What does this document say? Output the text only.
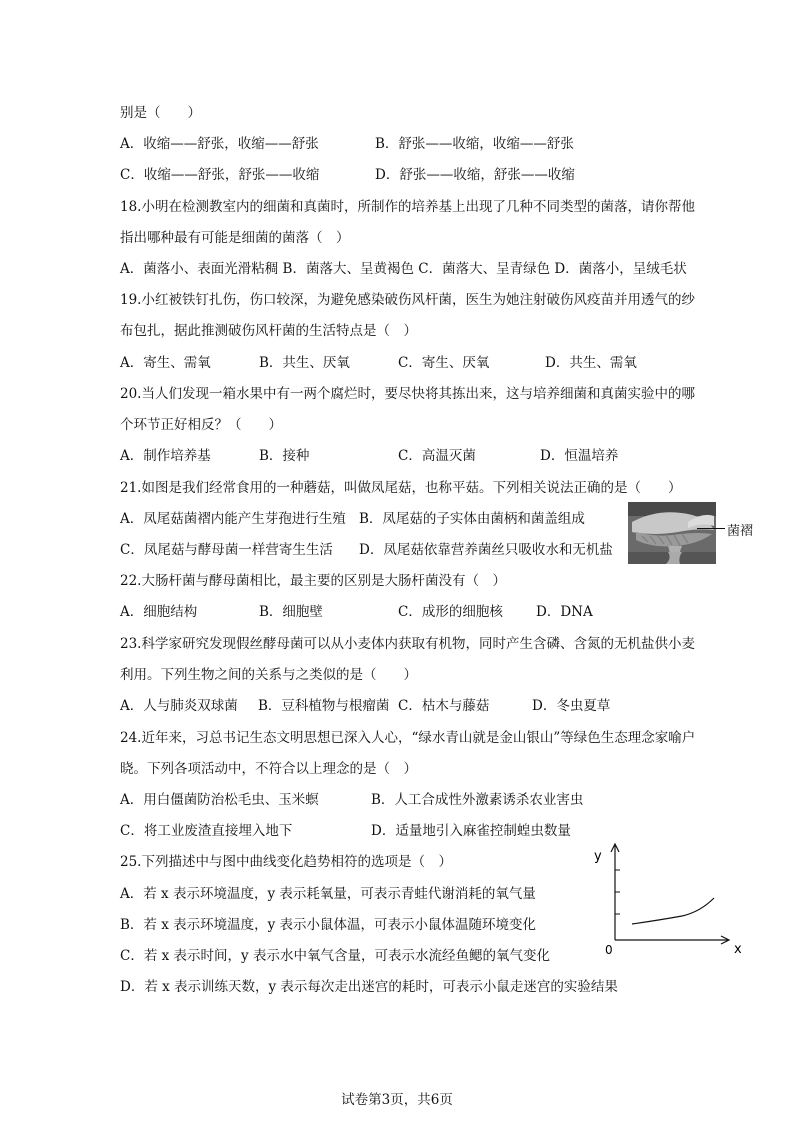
别是（　　）
A．收缩——舒张，收缩——舒张	B．舒张——收缩，收缩——舒张
C．收缩——舒张，舒张——收缩	D．舒张——收缩，舒张——收缩
18.小明在检测教室内的细菌和真菌时，所制作的培养基上出现了几种不同类型的菌落，请你帮他
指出哪种最有可能是细菌的菌落（　）
A．菌落小、表面光滑粘稠 B．菌落大、呈黄褐色 C．菌落大、呈青绿色 D．菌落小，呈绒毛状
19.小红被铁钉扎伤，伤口较深，为避免感染破伤风杆菌，医生为她注射破伤风疫苗并用透气的纱
布包扎，据此推测破伤风杆菌的生活特点是（　）
A．寄生、需氧	B．共生、厌氧	C．寄生、厌氧	D．共生、需氧
20.当人们发现一箱水果中有一两个腐烂时，要尽快将其拣出来，这与培养细菌和真菌实验中的哪
个环节正好相反？（　　）
A．制作培养基	B．接种	C．高温灭菌	D．恒温培养
21.如图是我们经常食用的一种蘑菇，叫做凤尾菇，也称平菇。下列相关说法正确的是（　　）
A．凤尾菇菌褶内能产生芽孢进行生殖 B．凤尾菇的子实体由菌柄和菌盖组成
C．凤尾菇与酵母菌一样营寄生生活 D．凤尾菇依靠营养菌丝只吸收水和无机盐
菌褶
22.大肠杆菌与酵母菌相比，最主要的区别是大肠杆菌没有（　）
A．细胞结构	B．细胞壁	C．成形的细胞核 D．DNA
23.科学家研究发现假丝酵母菌可以从小麦体内获取有机物，同时产生含磷、含氮的无机盐供小麦
利用。下列生物之间的关系与之类似的是（　　）
A．人与肺炎双球菌 B．豆科植物与根瘤菌 C．枯木与藤菇	D．冬虫夏草
24.近年来，习总书记生态文明思想已深入人心，“绿水青山就是金山银山”等绿色生态理念家喻户
晓。下列各项活动中，不符合以上理念的是（　）
A．用白僵菌防治松毛虫、玉米螟	B．人工合成性外激素诱杀农业害虫
C．将工业废渣直接埋入地下	D．适量地引入麻雀控制蝗虫数量
25.下列描述中与图中曲线变化趋势相符的选项是（　）
A．若 x 表示环境温度，y 表示耗氧量，可表示青蛙代谢消耗的氧气量
B．若 x 表示环境温度，y 表示小鼠体温，可表示小鼠体温随环境变化
C．若 x 表示时间，y 表示水中氧气含量，可表示水流经鱼鳃的氧气变化
D．若 x 表示训练天数，y 表示每次走出迷宫的耗时，可表示小鼠走迷宫的实验结果
y
0	x
试卷第3页，共6页
